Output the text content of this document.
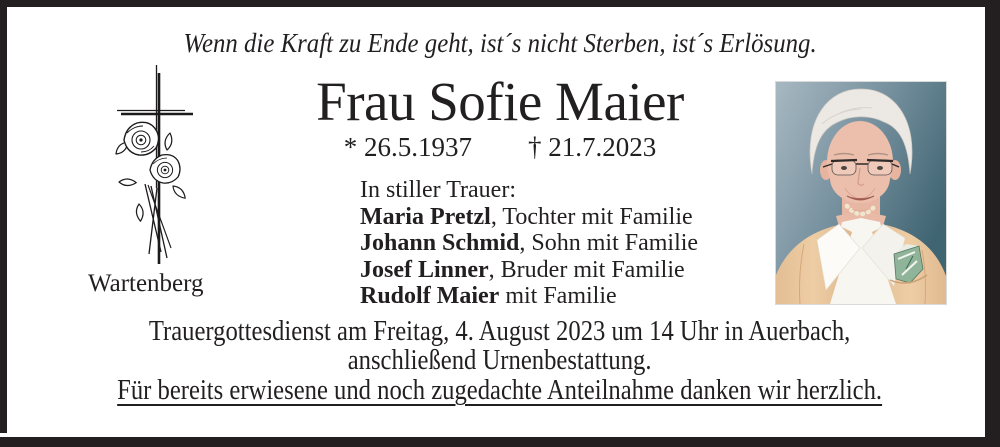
Wenn die Kraft zu Ende geht, ist´s nicht Sterben, ist´s Erlösung.
Frau Sofie Maier
* 26.5.1937 † 21.7.2023
In stiller Trauer:
Maria Pretzl, Tochter mit Familie
Johann Schmid, Sohn mit Familie
Josef Linner, Bruder mit Familie
Rudolf Maier mit Familie
Wartenberg
Trauergottesdienst am Freitag, 4. August 2023 um 14 Uhr in Auerbach,
anschließend Urnenbestattung.
Für bereits erwiesene und noch zugedachte Anteilnahme danken wir herzlich.
